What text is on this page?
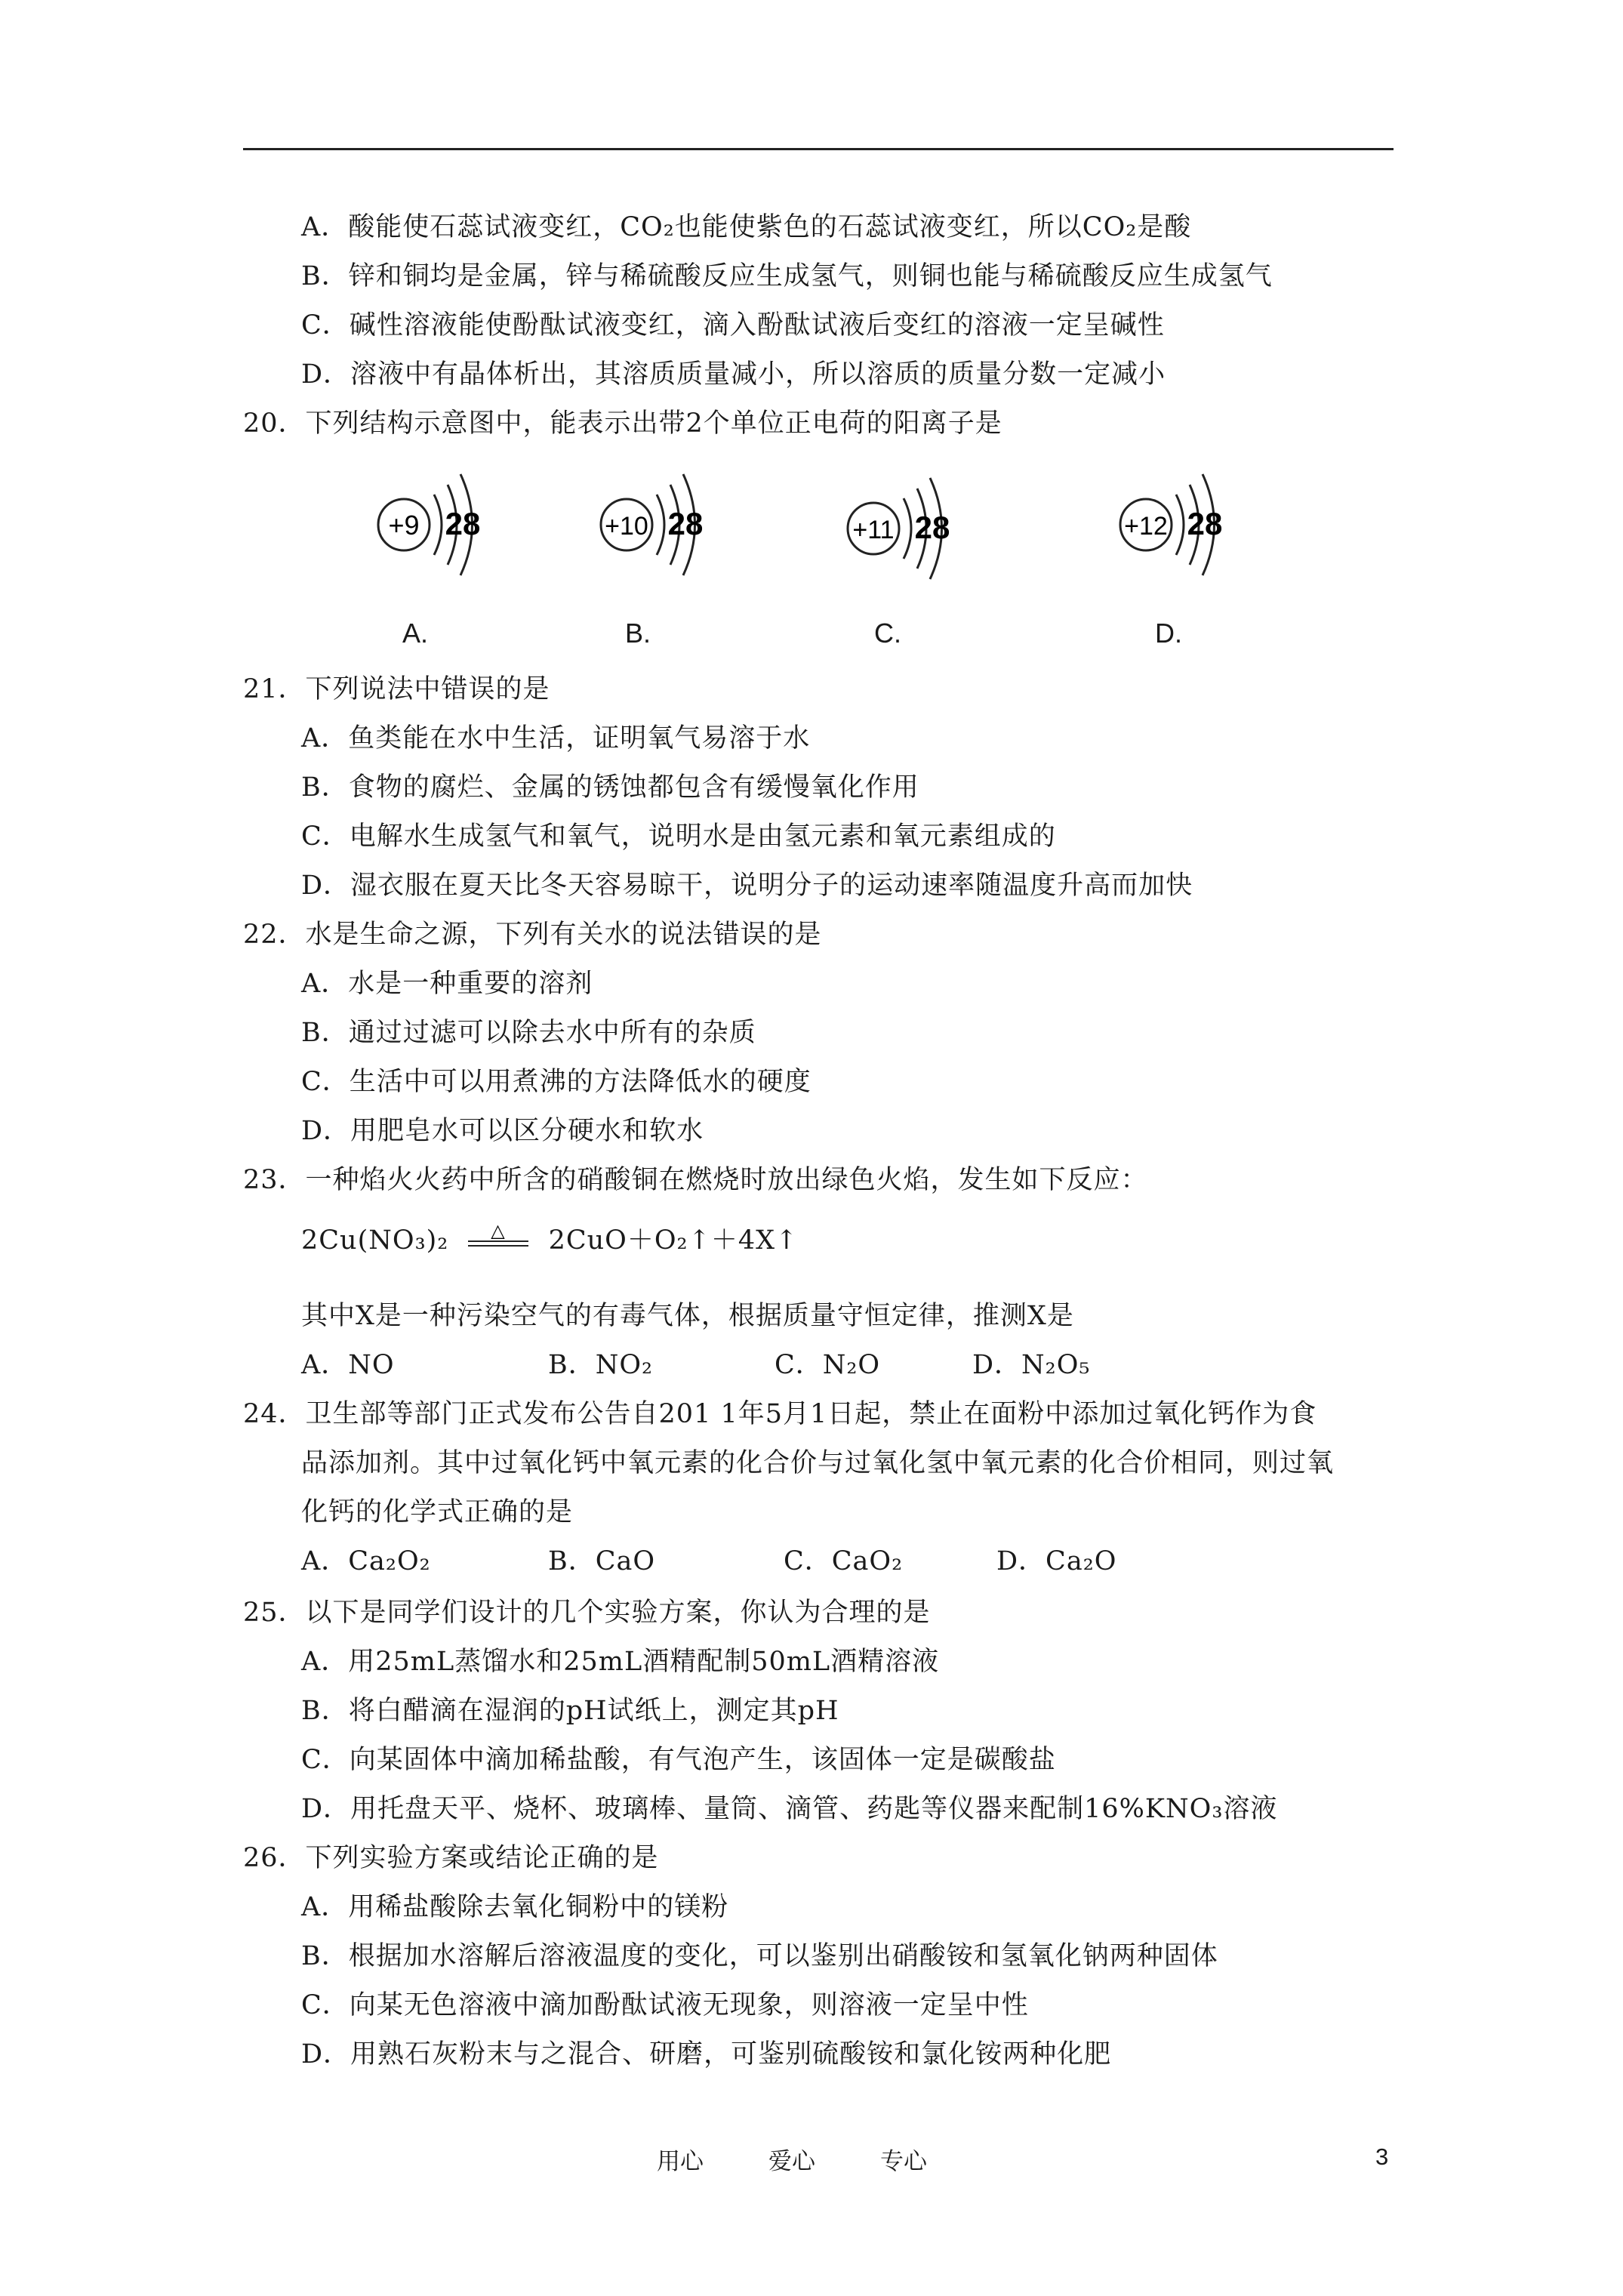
A．酸能使石蕊试液变红，CO₂也能使紫色的石蕊试液变红，所以CO₂是酸
B．锌和铜均是金属，锌与稀硫酸反应生成氢气，则铜也能与稀硫酸反应生成氢气
C．碱性溶液能使酚酞试液变红，滴入酚酞试液后变红的溶液一定呈碱性
D．溶液中有晶体析出，其溶质质量减小，所以溶质的质量分数一定减小
20．下列结构示意图中，能表示出带2个单位正电荷的阳离子是
+9 28	+10 28	+11 28	+12 28
A.	B.	C.	D.
21．下列说法中错误的是
A．鱼类能在水中生活，证明氧气易溶于水
B．食物的腐烂、金属的锈蚀都包含有缓慢氧化作用
C．电解水生成氢气和氧气，说明水是由氢元素和氧元素组成的
D．湿衣服在夏天比冬天容易晾干，说明分子的运动速率随温度升高而加快
22．水是生命之源，下列有关水的说法错误的是
A．水是一种重要的溶剂
B．通过过滤可以除去水中所有的杂质
C．生活中可以用煮沸的方法降低水的硬度
D．用肥皂水可以区分硬水和软水
23．一种焰火火药中所含的硝酸铜在燃烧时放出绿色火焰，发生如下反应：
2Cu(NO₃)₂ △ 2CuO＋O₂↑＋4X↑
其中X是一种污染空气的有毒气体，根据质量守恒定律，推测X是
A．NO	B．NO₂	C．N₂O	D．N₂O₅
24．卫生部等部门正式发布公告自201 1年5月1日起，禁止在面粉中添加过氧化钙作为食
品添加剂。其中过氧化钙中氧元素的化合价与过氧化氢中氧元素的化合价相同，则过氧
化钙的化学式正确的是
A．Ca₂O₂	B．CaO	C．CaO₂	D．Ca₂O
25．以下是同学们设计的几个实验方案，你认为合理的是
A．用25mL蒸馏水和25mL酒精配制50mL酒精溶液
B．将白醋滴在湿润的pH试纸上，测定其pH
C．向某固体中滴加稀盐酸，有气泡产生，该固体一定是碳酸盐
D．用托盘天平、烧杯、玻璃棒、量筒、滴管、药匙等仪器来配制16%KNO₃溶液
26．下列实验方案或结论正确的是
A．用稀盐酸除去氧化铜粉中的镁粉
B．根据加水溶解后溶液温度的变化，可以鉴别出硝酸铵和氢氧化钠两种固体
C．向某无色溶液中滴加酚酞试液无现象，则溶液一定呈中性
D．用熟石灰粉末与之混合、研磨，可鉴别硫酸铵和氯化铵两种化肥
用心	爱心	专心	3
